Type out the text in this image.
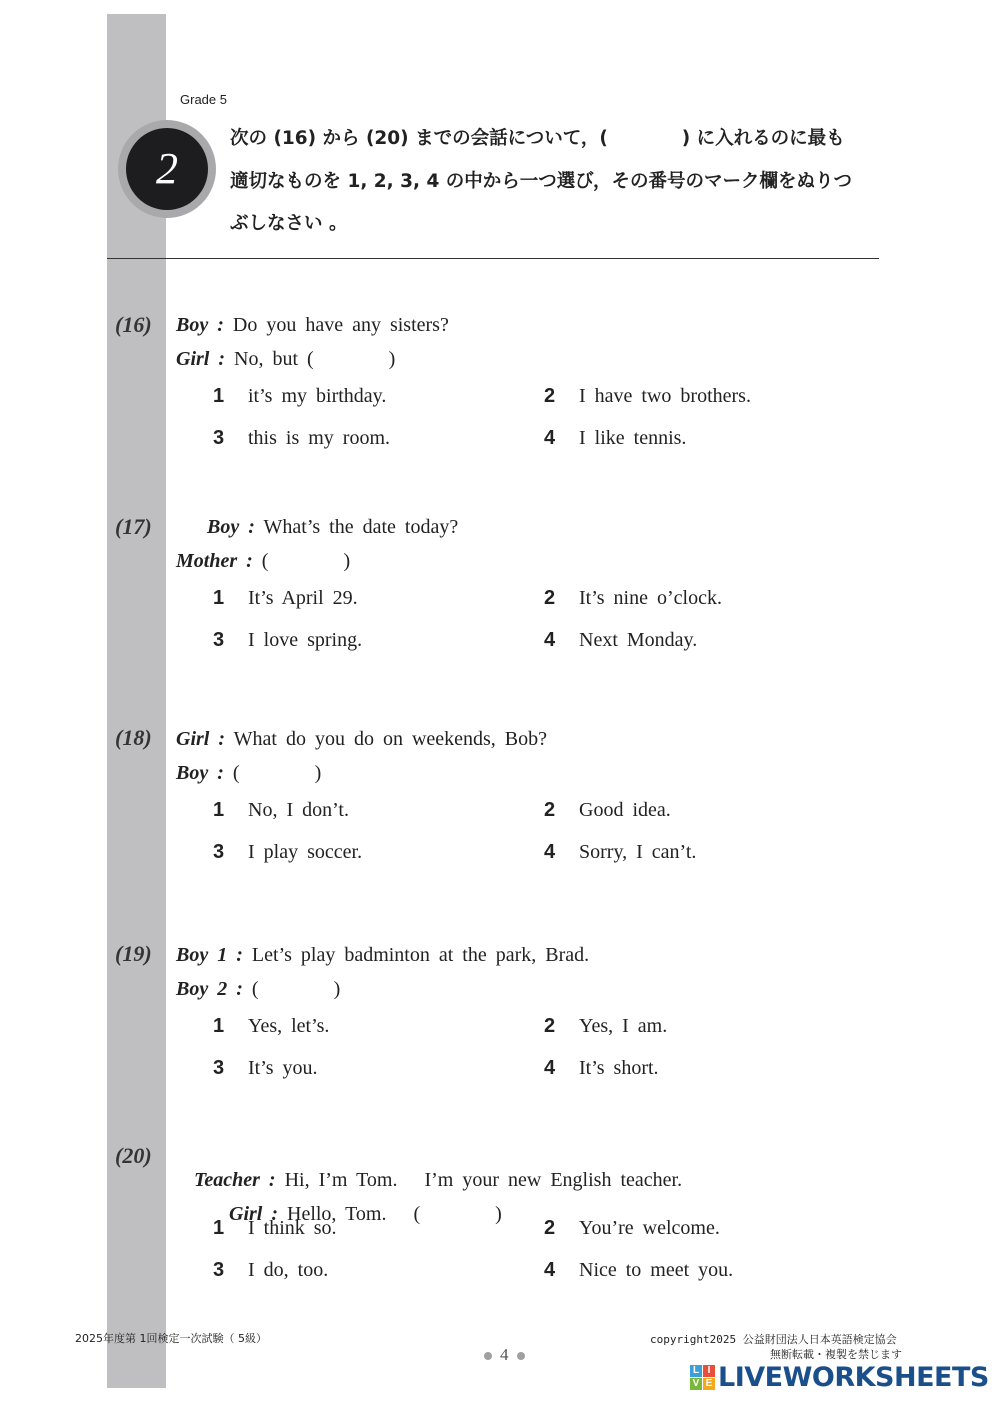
Grade 5
2
次の (16) から (20) までの会話について，(　　　　) に入れるのに最も
適切なものを 1, 2, 3, 4 の中から一つ選び，その番号のマーク欄をぬりつ
ぶしなさい 。
(16) Boy : Do you have any sisters?
Girl : No, but (	)
1 it’s my birthday.	2 I have two brothers.
3 this is my room.	4 I like tennis.
(17)	Boy : What’s the date today?
Mother : (	)
1 It’s April 29.	2 It’s nine o’clock.
3 I love spring.	4 Next Monday.
(18) Girl : What do you do on weekends, Bob?
Boy : (	)
1 No, I don’t.	2 Good idea.
3 I play soccer.	4 Sorry, I can’t.
(19) Boy 1 : Let’s play badminton at the park, Brad.
Boy 2 : (	)
1 Yes, let’s.	2 Yes, I am.
3 It’s you.	4 It’s short.
(20)

Teacher : Hi, I’m Tom.   I’m your new English teacher.

Girl : Hello, Tom.   (	)

1 I think so.	2 You’re welcome.
3 I do, too.	4 Nice to meet you.
2025年度第 1回検定一次試験（ 5級）
4
copyright2025 公益財団法人日本英語検定協会
無断転載・複製を禁じます
L I
V E LIVEWORKSHEETS
